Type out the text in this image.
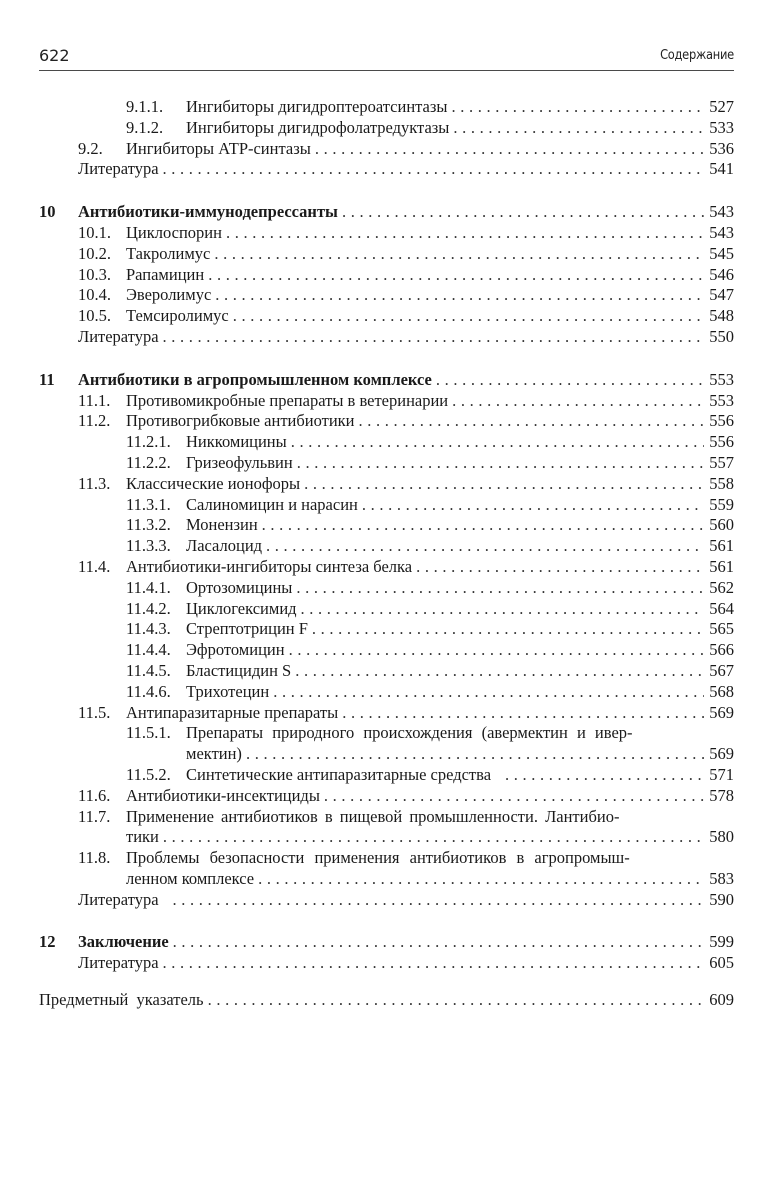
622	Содержание
9.1.1.	Ингибиторы дигидроптероатсинтазы . . .	527
9.1.2.	Ингибиторы дигидрофолатредуктазы . . .	533
9.2.	Ингибиторы АТР-синтазы . . .	536
Литература . . .	541
10	Антибиотики-иммунодепрессанты . . .	543
10.1. Циклоспорин . . .	543
10.2. Такролимус . . .	545
10.3. Рапамицин . . .	546
10.4. Эверолимус . . .	547
10.5. Темсиролимус . . .	548
Литература . . .	550
11	Антибиотики в агропромышленном комплексе . . .	553
11.1. Противомикробные препараты в ветеринарии . . .	553
11.2. Противогрибковые антибиотики . . .	556
11.2.1. Никкомицины . . .	556
11.2.2. Гризеофульвин . . .	557
11.3. Классические ионофоры . . .	558
11.3.1. Салиномицин и нарасин . . .	559
11.3.2. Монензин . . .	560
11.3.3. Ласалоцид . . .	561
11.4. Антибиотики-ингибиторы синтеза белка . . .	561
11.4.1. Ортозомицины . . .	562
11.4.2. Циклогексимид . . .	564
11.4.3. Стрептотрицин F . . .	565
11.4.4. Эфротомицин . . .	566
11.4.5. Бластицидин S . . .	567
11.4.6. Трихотецин . . .	568
11.5. Антипаразитарные препараты . . .	569
11.5.1. Препараты природного происхождения (авермектин и ивер-
мектин) . . .	569
11.5.2. Синтетические антипаразитарные средства . . .	571
11.6. Антибиотики-инсектициды . . .	578
11.7. Применение антибиотиков в пищевой промышленности. Лантибио-
тики . . .	580
11.8. Проблемы безопасности применения антибиотиков в агропромыш-
ленном комплексе . . .	583
Литература . . .	590
12	Заключение . . .	599
Литература . . .	605
Предметный указатель . . .	609
